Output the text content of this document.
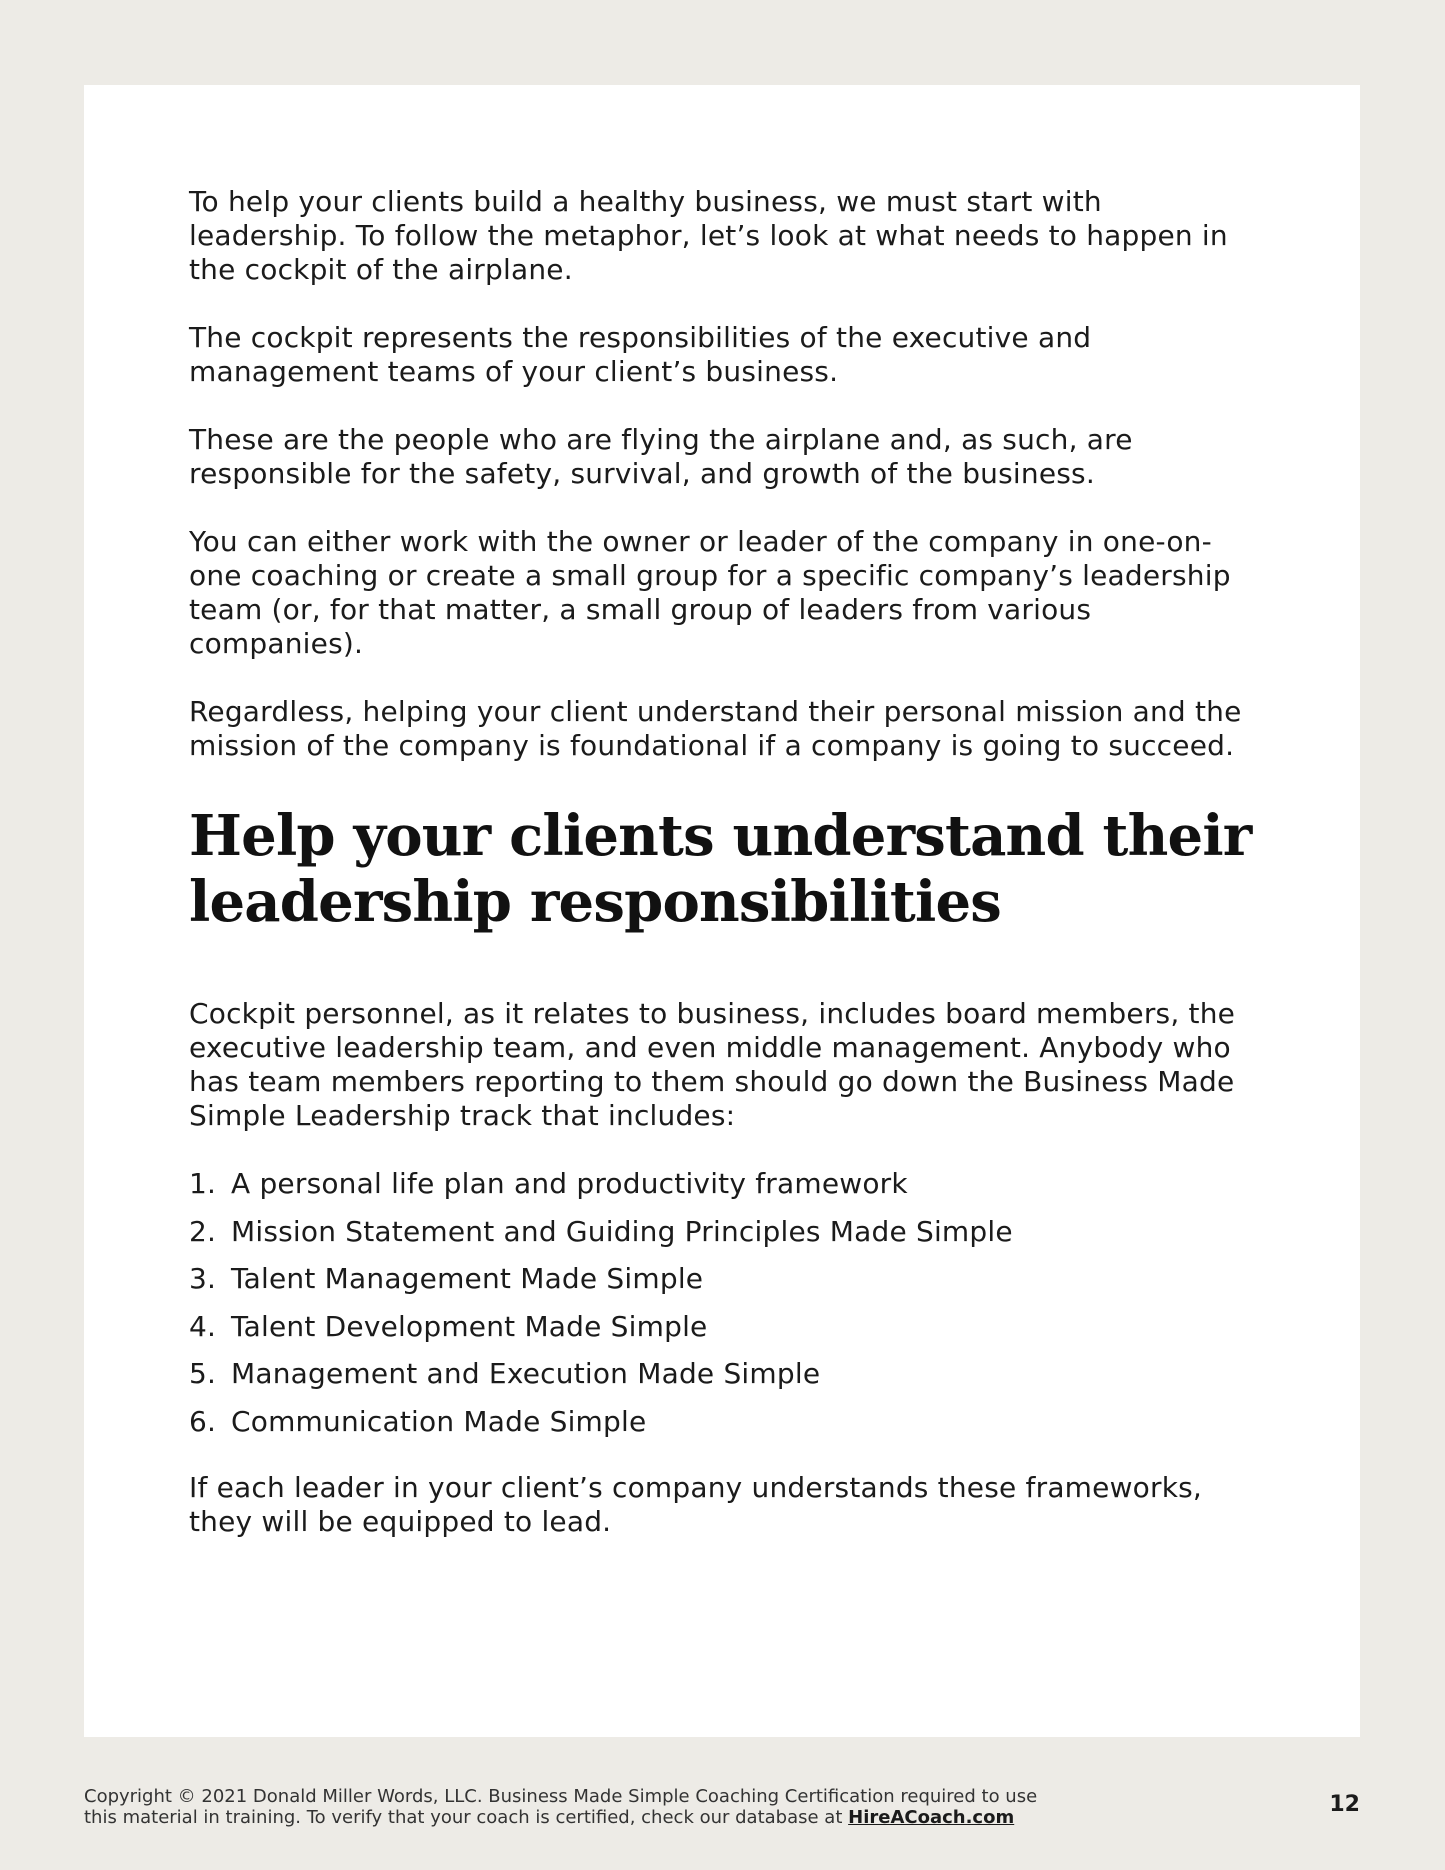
To help your clients build a healthy business, we must start with leadership. To follow the metaphor, let’s look at what needs to happen in the cockpit of the airplane.

The cockpit represents the responsibilities of the executive and management teams of your client’s business.

These are the people who are flying the airplane and, as such, are responsible for the safety, survival, and growth of the business.

You can either work with the owner or leader of the company in one-on-one coaching or create a small group for a specific company’s leadership team (or, for that matter, a small group of leaders from various companies).

Regardless, helping your client understand their personal mission and the mission of the company is foundational if a company is going to succeed.

Help your clients understand their leadership responsibilities

Cockpit personnel, as it relates to business, includes board members, the executive leadership team, and even middle management. Anybody who has team members reporting to them should go down the Business Made Simple Leadership track that includes:

1. A personal life plan and productivity framework
2. Mission Statement and Guiding Principles Made Simple
3. Talent Management Made Simple
4. Talent Development Made Simple
5. Management and Execution Made Simple
6. Communication Made Simple

If each leader in your client’s company understands these frameworks, they will be equipped to lead.

Copyright © 2021 Donald Miller Words, LLC. Business Made Simple Coaching Certification required to use
this material in training. To verify that your coach is certified, check our database at HireACoach.com
12
